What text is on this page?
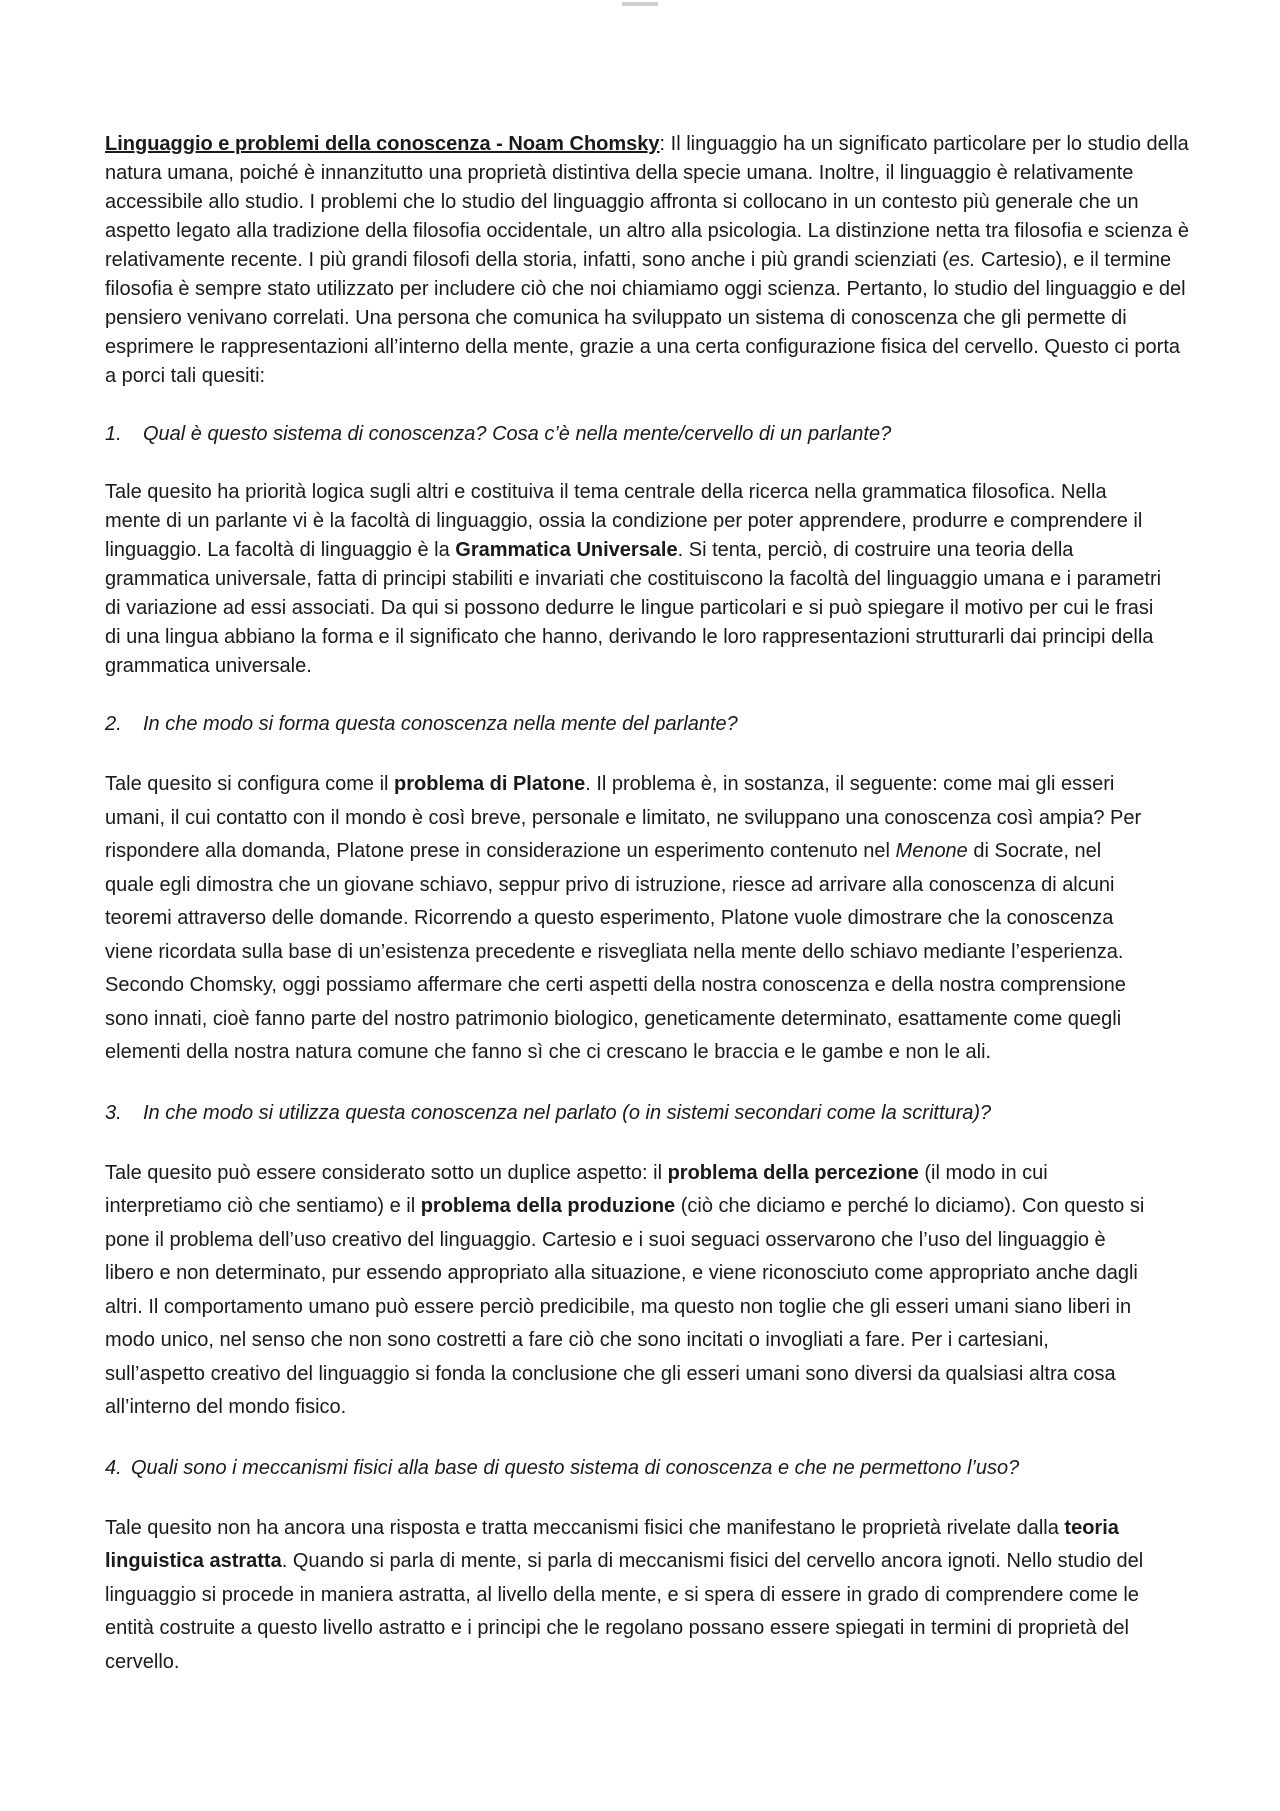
Linguaggio e problemi della conoscenza - Noam Chomsky: Il linguaggio ha un significato particolare per lo studio della natura umana, poiché è innanzitutto una proprietà distintiva della specie umana. Inoltre, il linguaggio è relativamente accessibile allo studio. I problemi che lo studio del linguaggio affronta si collocano in un contesto più generale che un aspetto legato alla tradizione della filosofia occidentale, un altro alla psicologia. La distinzione netta tra filosofia e scienza è relativamente recente. I più grandi filosofi della storia, infatti, sono anche i più grandi scienziati (es. Cartesio), e il termine filosofia è sempre stato utilizzato per includere ciò che noi chiamiamo oggi scienza. Pertanto, lo studio del linguaggio e del pensiero venivano correlati. Una persona che comunica ha sviluppato un sistema di conoscenza che gli permette di esprimere le rappresentazioni all’interno della mente, grazie a una certa configurazione fisica del cervello. Questo ci porta a porci tali quesiti:

1. Qual è questo sistema di conoscenza? Cosa c’è nella mente/cervello di un parlante?

Tale quesito ha priorità logica sugli altri e costituiva il tema centrale della ricerca nella grammatica filosofica. Nella mente di un parlante vi è la facoltà di linguaggio, ossia la condizione per poter apprendere, produrre e comprendere il linguaggio. La facoltà di linguaggio è la Grammatica Universale. Si tenta, perciò, di costruire una teoria della grammatica universale, fatta di principi stabiliti e invariati che costituiscono la facoltà del linguaggio umana e i parametri di variazione ad essi associati. Da qui si possono dedurre le lingue particolari e si può spiegare il motivo per cui le frasi di una lingua abbiano la forma e il significato che hanno, derivando le loro rappresentazioni strutturarli dai principi della grammatica universale.

2. In che modo si forma questa conoscenza nella mente del parlante?

Tale quesito si configura come il problema di Platone. Il problema è, in sostanza, il seguente: come mai gli esseri umani, il cui contatto con il mondo è così breve, personale e limitato, ne sviluppano una conoscenza così ampia? Per rispondere alla domanda, Platone prese in considerazione un esperimento contenuto nel Menone di Socrate, nel quale egli dimostra che un giovane schiavo, seppur privo di istruzione, riesce ad arrivare alla conoscenza di alcuni teoremi attraverso delle domande. Ricorrendo a questo esperimento, Platone vuole dimostrare che la conoscenza viene ricordata sulla base di un’esistenza precedente e risvegliata nella mente dello schiavo mediante l’esperienza. Secondo Chomsky, oggi possiamo affermare che certi aspetti della nostra conoscenza e della nostra comprensione sono innati, cioè fanno parte del nostro patrimonio biologico, geneticamente determinato, esattamente come quegli elementi della nostra natura comune che fanno sì che ci crescano le braccia e le gambe e non le ali.

3. In che modo si utilizza questa conoscenza nel parlato (o in sistemi secondari come la scrittura)?

Tale quesito può essere considerato sotto un duplice aspetto: il problema della percezione (il modo in cui interpretiamo ciò che sentiamo) e il problema della produzione (ciò che diciamo e perché lo diciamo). Con questo si pone il problema dell’uso creativo del linguaggio. Cartesio e i suoi seguaci osservarono che l’uso del linguaggio è libero e non determinato, pur essendo appropriato alla situazione, e viene riconosciuto come appropriato anche dagli altri. Il comportamento umano può essere perciò predicibile, ma questo non toglie che gli esseri umani siano liberi in modo unico, nel senso che non sono costretti a fare ciò che sono incitati o invogliati a fare. Per i cartesiani, sull’aspetto creativo del linguaggio si fonda la conclusione che gli esseri umani sono diversi da qualsiasi altra cosa all’interno del mondo fisico.

4. Quali sono i meccanismi fisici alla base di questo sistema di conoscenza e che ne permettono l’uso?

Tale quesito non ha ancora una risposta e tratta meccanismi fisici che manifestano le proprietà rivelate dalla teoria linguistica astratta. Quando si parla di mente, si parla di meccanismi fisici del cervello ancora ignoti. Nello studio del linguaggio si procede in maniera astratta, al livello della mente, e si spera di essere in grado di comprendere come le entità costruite a questo livello astratto e i principi che le regolano possano essere spiegati in termini di proprietà del cervello.
